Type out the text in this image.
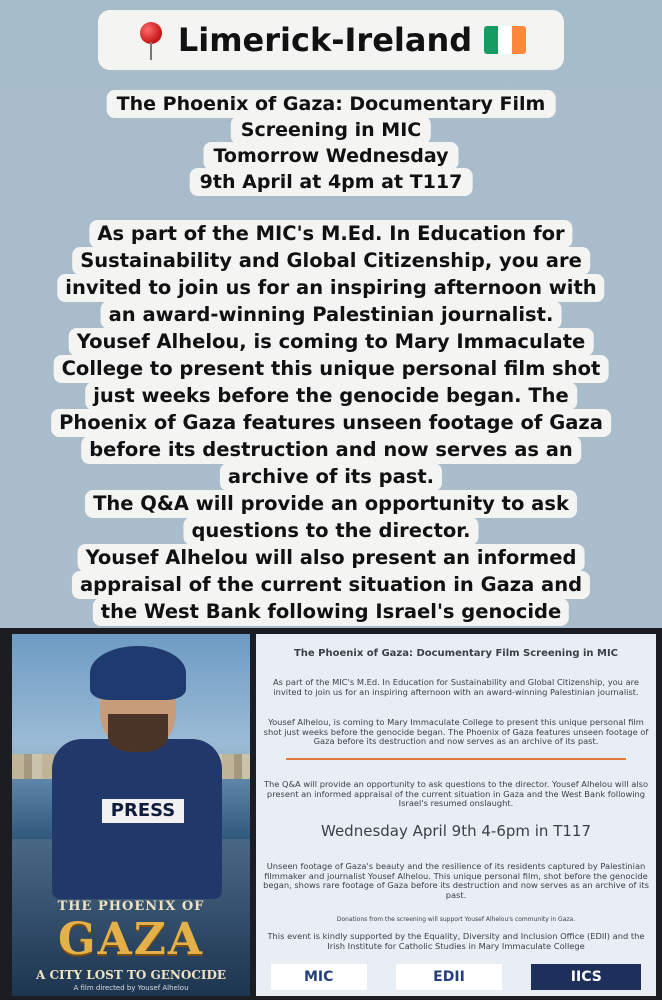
Limerick-Ireland
The Phoenix of Gaza: Documentary Film
Screening in MIC
Tomorrow Wednesday
9th April at 4pm at T117
As part of the MIC's M.Ed. In Education for
Sustainability and Global Citizenship, you are
invited to join us for an inspiring afternoon with
an award-winning Palestinian journalist.
Yousef Alhelou, is coming to Mary Immaculate
College to present this unique personal film shot
just weeks before the genocide began. The
Phoenix of Gaza features unseen footage of Gaza
before its destruction and now serves as an
archive of its past.
The Q&A will provide an opportunity to ask
questions to the director.
Yousef Alhelou will also present an informed
appraisal of the current situation in Gaza and
the West Bank following Israel's genocide
PRESS
THE PHOENIX OF
GAZA
A CITY LOST TO GENOCIDE
A film directed by Yousef Alhelou
The Phoenix of Gaza: Documentary Film Screening in MIC
As part of the MIC's M.Ed. In Education for Sustainability and Global Citizenship, you are invited to join us for an inspiring afternoon with an award-winning Palestinian journalist.
Yousef Alhelou, is coming to Mary Immaculate College to present this unique personal film shot just weeks before the genocide began. The Phoenix of Gaza features unseen footage of Gaza before its destruction and now serves as an archive of its past.
The Q&A will provide an opportunity to ask questions to the director. Yousef Alhelou will also present an informed appraisal of the current situation in Gaza and the West Bank following Israel's resumed onslaught.
Wednesday April 9th 4-6pm in T117
Unseen footage of Gaza's beauty and the resilience of its residents captured by Palestinian filmmaker and journalist Yousef Alhelou. This unique personal film, shot before the genocide began, shows rare footage of Gaza before its destruction and now serves as an archive of its past.
Donations from the screening will support Yousef Alhelou's community in Gaza.
This event is kindly supported by the Equality, Diversity and Inclusion Office (EDII) and the Irish Institute for Catholic Studies in Mary Immaculate College
MIC	EDII	IICS
